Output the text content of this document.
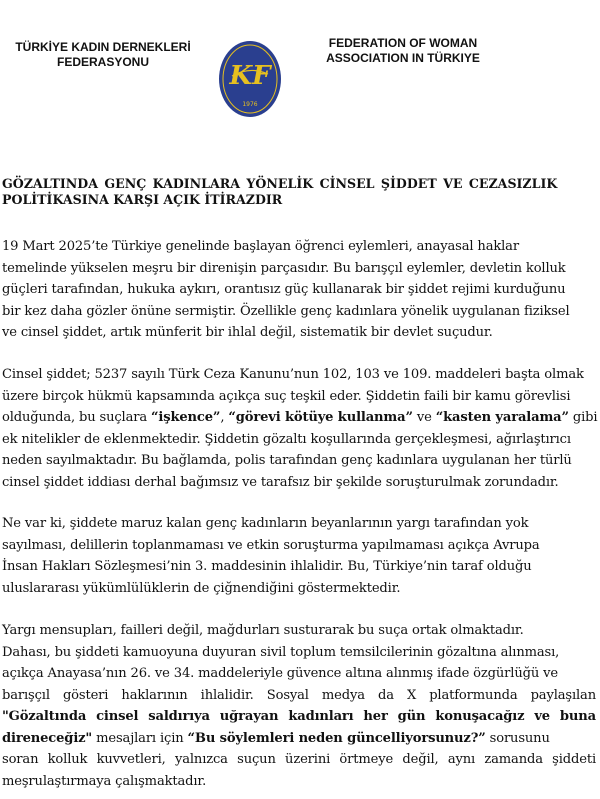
TÜRKİYE KADIN DERNEKLERİ
FEDERASYONU	KF
1976
FEDERATION OF WOMAN
ASSOCIATION IN TÜRKIYE
GÖZALTINDA GENÇ KADINLARA YÖNELİK CİNSEL ŞİDDET VE CEZASIZLIK
POLİTİKASINA KARŞI AÇIK İTİRAZDIR
19 Mart 2025’te Türkiye genelinde başlayan öğrenci eylemleri, anayasal haklar
temelinde yükselen meşru bir direnişin parçasıdır. Bu barışçıl eylemler, devletin kolluk
güçleri tarafından, hukuka aykırı, orantısız güç kullanarak bir şiddet rejimi kurduğunu
bir kez daha gözler önüne sermiştir. Özellikle genç kadınlara yönelik uygulanan fiziksel
ve cinsel şiddet, artık münferit bir ihlal değil, sistematik bir devlet suçudur.
Cinsel şiddet; 5237 sayılı Türk Ceza Kanunu’nun 102, 103 ve 109. maddeleri başta olmak
üzere birçok hükmü kapsamında açıkça suç teşkil eder. Şiddetin faili bir kamu görevlisi
olduğunda, bu suçlara “işkence”, “görevi kötüye kullanma” ve “kasten yaralama” gibi
ek nitelikler de eklenmektedir. Şiddetin gözaltı koşullarında gerçekleşmesi, ağırlaştırıcı
neden sayılmaktadır. Bu bağlamda, polis tarafından genç kadınlara uygulanan her türlü
cinsel şiddet iddiası derhal bağımsız ve tarafsız bir şekilde soruşturulmak zorundadır.
Ne var ki, şiddete maruz kalan genç kadınların beyanlarının yargı tarafından yok
sayılması, delillerin toplanmaması ve etkin soruşturma yapılmaması açıkça Avrupa
İnsan Hakları Sözleşmesi’nin 3. maddesinin ihlalidir. Bu, Türkiye’nin taraf olduğu
uluslararası yükümlülüklerin de çiğnendiğini göstermektedir.
Yargı mensupları, failleri değil, mağdurları susturarak bu suça ortak olmaktadır.
Dahası, bu şiddeti kamuoyuna duyuran sivil toplum temsilcilerinin gözaltına alınması,
açıkça Anayasa’nın 26. ve 34. maddeleriyle güvence altına alınmış ifade özgürlüğü ve
barışçıl gösteri haklarının ihlalidir. Sosyal medya da X platformunda paylaşılan
"Gözaltında cinsel saldırıya uğrayan kadınları her gün konuşacağız ve buna
direneceğiz" mesajları için “Bu söylemleri neden güncelliyorsunuz?” sorusunu
soran kolluk kuvvetleri, yalnızca suçun üzerini örtmeye değil, aynı zamanda şiddeti
meşrulaştırmaya çalışmaktadır.
